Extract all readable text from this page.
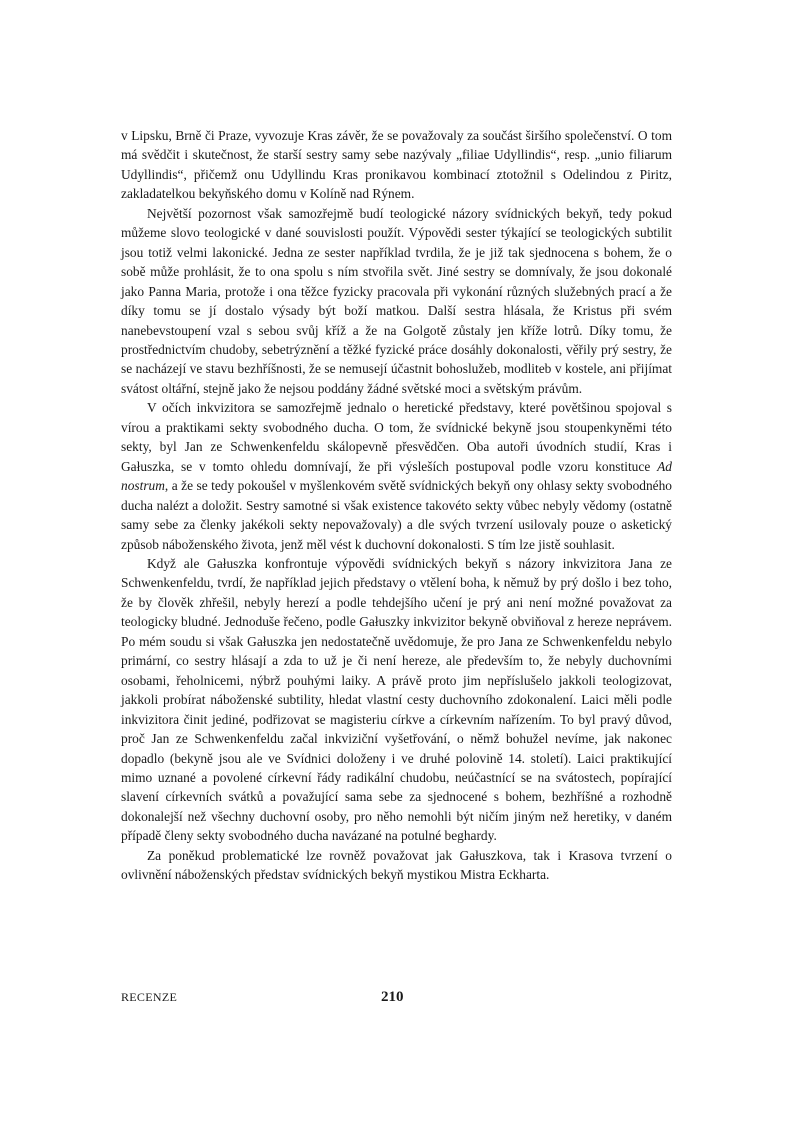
v Lipsku, Brně či Praze, vyvozuje Kras závěr, že se považovaly za součást širšího společenství. O tom má svědčit i skutečnost, že starší sestry samy sebe nazývaly „filiae Udyllindis“, resp. „unio filiarum Udyllindis“, přičemž onu Udyllindu Kras pronikavou kombinací ztotožnil s Odelindou z Piritz, zakladatelkou bekyňského domu v Kolíně nad Rýnem.

Největší pozornost však samozřejmě budí teologické názory svídnických bekyň, tedy pokud můžeme slovo teologické v dané souvislosti použít. Výpovědi sester týkající se teologických subtilit jsou totiž velmi lakonické. Jedna ze sester například tvrdila, že je již tak sjednocena s bohem, že o sobě může prohlásit, že to ona spolu s ním stvořila svět. Jiné sestry se domnívaly, že jsou dokonalé jako Panna Maria, protože i ona těžce fyzicky pracovala při vykonání různých služebných prací a že díky tomu se jí dostalo výsady být boží matkou. Další sestra hlásala, že Kristus při svém nanebevstoupení vzal s sebou svůj kříž a že na Golgotě zůstaly jen kříže lotrů. Díky tomu, že prostřednictvím chudoby, sebetrýznění a těžké fyzické práce dosáhly dokonalosti, věřily prý sestry, že se nacházejí ve stavu bezhříšnosti, že se nemusejí účastnit bohoslužeb, modliteb v kostele, ani přijímat svátost oltářní, stejně jako že nejsou poddány žádné světské moci a světským právům.

V očích inkvizitora se samozřejmě jednalo o heretické představy, které povětšinou spojoval s vírou a praktikami sekty svobodného ducha. O tom, že svídnické bekyně jsou stoupenkyněmi této sekty, byl Jan ze Schwenkenfeldu skálopevně přesvědčen. Oba autoři úvodních studií, Kras i Gałuszka, se v tomto ohledu domnívají, že při výsleších postupoval podle vzoru konstituce Ad nostrum, a že se tedy pokoušel v myšlenkovém světě svídnických bekyň ony ohlasy sekty svobodného ducha nalézt a doložit. Sestry samotné si však existence takovéto sekty vůbec nebyly vědomy (ostatně samy sebe za členky jakékoli sekty nepovažovaly) a dle svých tvrzení usilovaly pouze o asketický způsob náboženského života, jenž měl vést k duchovní dokonalosti. S tím lze jistě souhlasit.

Když ale Gałuszka konfrontuje výpovědi svídnických bekyň s názory inkvizitora Jana ze Schwenkenfeldu, tvrdí, že například jejich představy o vtělení boha, k němuž by prý došlo i bez toho, že by člověk zhřešil, nebyly herezí a podle tehdejšího učení je prý ani není možné považovat za teologicky bludné. Jednoduše řečeno, podle Gałuszky inkvizitor bekyně obviňoval z hereze neprávem. Po mém soudu si však Gałuszka jen nedostatečně uvědomuje, že pro Jana ze Schwenkenfeldu nebylo primární, co sestry hlásají a zda to už je či není hereze, ale především to, že nebyly duchovními osobami, řeholnicemi, nýbrž pouhými laiky. A právě proto jim nepříslušelo jakkoli teologizovat, jakkoli probírat náboženské subtility, hledat vlastní cesty duchovního zdokonalení. Laici měli podle inkvizitora činit jediné, podřizovat se magisteriu církve a církevním nařízením. To byl pravý důvod, proč Jan ze Schwenkenfeldu začal inkviziční vyšetřování, o němž bohužel nevíme, jak nakonec dopadlo (bekyně jsou ale ve Svídnici doloženy i ve druhé polovině 14. století). Laici praktikující mimo uznané a povolené církevní řády radikální chudobu, neúčastnící se na svátostech, popírající slavení církevních svátků a považující sama sebe za sjednocené s bohem, bezhříšné a rozhodně dokonalejší než všechny duchovní osoby, pro něho nemohli být ničím jiným než heretiky, v daném případě členy sekty svobodného ducha navázané na potulné beghardy.

Za poněkud problematické lze rovněž považovat jak Gałuszkova, tak i Krasova tvrzení o ovlivnění náboženských představ svídnických bekyň mystikou Mistra Eckharta.

RECENZE	210
